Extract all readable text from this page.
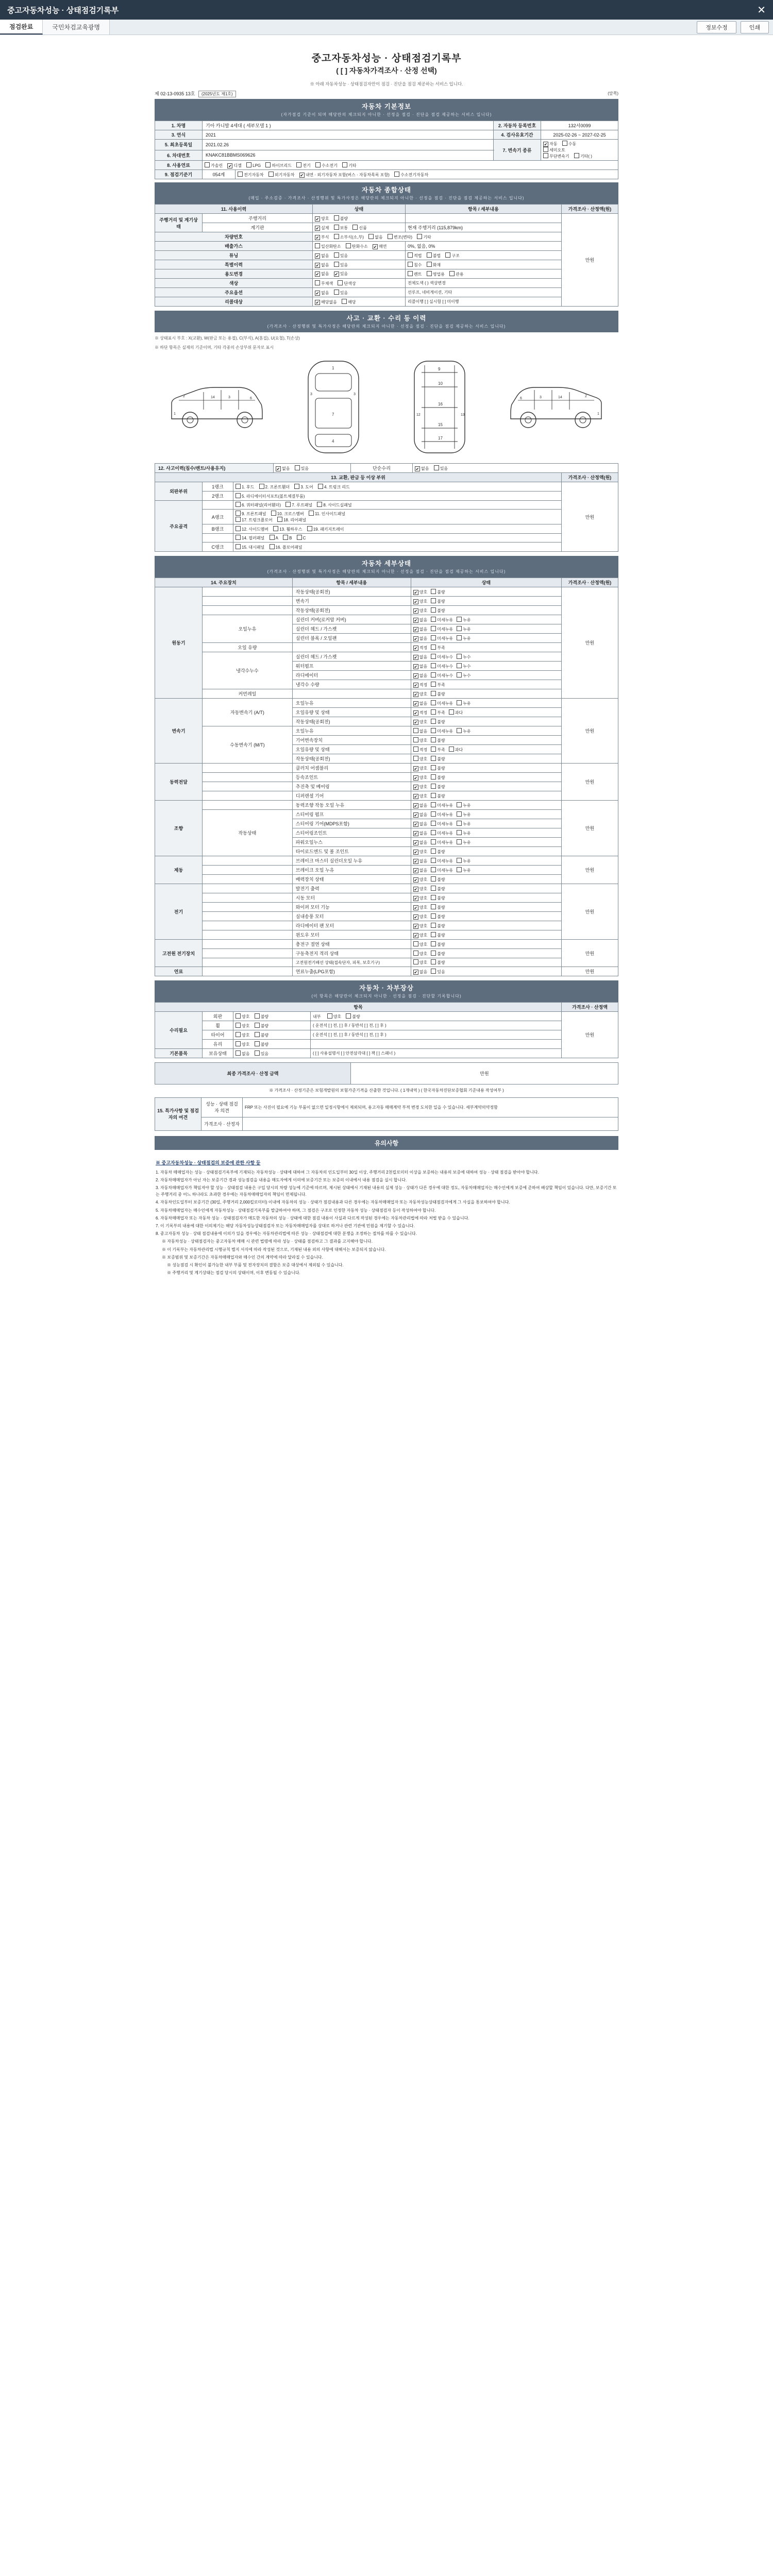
중고자동차성능 · 상태점검기록부	✕
점검완료	국민차검교육광명	정보수정	인쇄
중고자동차성능 · 상태점검기록부
( [ ] 자동차가격조사 · 산정 선택)
※ 아래 자동차성능 · 상태점검자만이 점검 · 진단을 점검 제공하는 서비스 입니다.
제 02-13-0935 13호 (2025년도 제1호)	(앞쪽)
자동차 기본정보
(자가점검 기준이 되며 해당란의 체크되지 아니한 · 선정을 점검 · 진단을 점검 제공하는 서비스 입니다)
1. 차명	기아 카니발 4세대 ( 세부모델 1 )		2. 자동차 등록번호	132서0099
3. 연식	2021		4. 검사유효기간	2025-02-26 ~ 2027-02-25
5. 최초등록일	2021.02.26		7. 변속기 종류	✔자동 수동
세미오토
무단변속기 기타( )
6. 차대번호	KNAKC81BBMS069626			
8. 사용연료	가솔린 ✔ 디젤 LPG 하이브리드 전기 수소전기 기타
9. 점검기준기	054계	전기자동차 외기자동차 ✔ 내연 · 외기자동차 포함(버스 · 자동차목록 포함) 수소전기자동차
자동차 종합상태
(매입 · 주소검증 · 가격조사 · 산정행위 및 특가사정은 해당란의 체크되지 아니한 · 선정을 점검 · 진단을 점검 제공하는 서비스 입니다)
11. 사용이력		상태	항목 / 세부내용	가격조사 · 산정액(원)
주행거리 및 계기상태	주행거리	✔양호 불량		만원
	계기판	✔실제 보통 신품	현재 주행거리 (115,879km)	
차량번호	✔부식 소부식(소,부) 없음 변조(변타) 기타
배출가스		일산화탄소 탄화수소 ✔ 매연	0%, 없음, 0%	
튜닝	✔없음 있음	적법 불법 구조	
특별이력	✔없음 있음	침수 화재	
용도변경	✔없음 ✔ 있음	렌트 영업용 관용	
색상		무채색 단색상	전체도색 ( ) 색상변경	
주요옵션	✔없음 있음	선루프, 네비게이션, 기타	
리콜대상	✔해당없음 해당	리콜이행 [ ] 실시함 [ ] 미이행	
사고 · 교환 · 수리 등 이력
(가격조사 · 산정행위 및 특가사정은 해당란의 체크되지 아니한 · 선정을 점검 · 진단을 점검 제공하는 서비스 입니다)
※ 상태표시 부호 : X(교환), W(판금 또는 용접), C(부식), A(흠집), U(요철), T(손상)
※ 하단 항목은 실제의 기준이며, 기타 각종의 손상부위 문자로 표시
2	14	3	6
1
1
7
4
3	3
9
10
16
15
17
12	13
2
14
3
6
1
12. 사고이력(침수/렌트/사용유지)	✔없음	있음	단순수리	✔없음	있음
13. 교환, 판금 등 이상 부위			가격조사 · 산정액(원)
외판부위	1랭크	1. 후드 2. 프론트휀더 3. 도어 4. 트렁크 리드	만원
	2랭크	5. 라디에이터서포트(볼트체결부품)	
주요골격		6. 쿼터패널(리어휀더) 7. 루프패널 8. 사이드실패널	
	A랭크	9. 프론트패널 10. 크로스멤버 11. 인사이드패널
17. 트렁크플로어 18. 리어패널	
	B랭크	12. 사이드멤버 13. 휠하우스 19. 패키지트레이	
		14. 필러패널 A B C	
	C랭크	15. 대시패널 16. 플로어패널	
자동차 세부상태
(가격조사 · 산정행위 및 특가사정은 해당란의 체크되지 아니한 · 선정을 점검 · 진단을 점검 제공하는 서비스 입니다)
14. 주요장치		항목 / 세부내용	상태	가격조사 · 산정액(원)
원동기		작동상태(공회전)	✔양호 불량	만원
		변속기	✔양호 불량
		작동상태(공회전)	✔양호 불량
	오일누유	실린더 커버(로커암 커버)	✔없음 미세누유 누유
		실린더 헤드 / 가스켓	✔없음 미세누유 누유
		실린더 블록 / 오일팬	✔없음 미세누유 누유
	오일 유량		✔적정 부족
	냉각수누수	실린더 헤드 / 가스켓	✔없음 미세누수 누수
		워터펌프	✔없음 미세누수 누수
		라디에이터	✔없음 미세누수 누수
		냉각수 수량	✔적정 부족
	커먼레일		✔양호 불량
변속기	자동변속기 (A/T)	오일누유	✔없음 미세누유 누유	만원
		오일유량 및 상태	✔적정 부족 과다
		작동상태(공회전)	✔양호 불량
	수동변속기 (M/T)	오일누유	없음 미세누유 누유	
		기어변속장치	양호 불량	
		오일유량 및 상태	적정 부족 과다	
		작동상태(공회전)	양호 불량	
동력전달		클러치 어셈블리	✔양호 불량	만원
		등속조인트	✔양호 불량
		추진축 및 베어링	✔양호 불량
		디퍼렌셜 기어	✔양호 불량
조향		동력조향 작동 오일 누유	✔없음 미세누유 누유	만원
	작동상태	스티어링 펌프	✔없음 미세누유 누유
		스티어링 기어(MDPS포함)	✔없음 미세누유 누유
		스티어링조인트	✔없음 미세누유 누유
		파워오일누스	✔없음 미세누유 누유
		타이로드엔드 및 볼 조인트	✔양호 불량
제동		브레이크 마스터 실린더오일 누유	✔없음 미세누유 누유	만원
		브레이크 오일 누유	✔없음 미세누유 누유
		배력장치 상태	✔양호 불량
전기		발전기 출력	✔양호 불량	만원
		시동 모터	✔양호 불량
		와이퍼 모터 기능	✔양호 불량
		실내송풍 모터	✔양호 불량
		라디에이터 팬 모터	✔양호 불량
		윈도우 모터	✔양호 불량
고전원 전기장치		충전구 절연 상태	양호 불량	만원
		구동축전지 격리 상태	양호 불량	
		고전원전기배선 상태(접속단자, 피복, 보호기구)	양호 불량	
연료		연료누출(LPG포함)	✔없음 있음	만원
자동차 · 차부장상
(이 항목은 해당란이 체크되지 아니한 · 선정을 점검 · 진단할 기록합니다)
항목				가격조사 · 산정액
수리필요	외판	양호 불량	내부 양호 불량	만원
	휠	양호 불량	( 운전석 [ ] 전, [ ] 후 / 동반석 [ ] 전, [ ] 후 )	
	타이어	양호 불량	( 운전석 [ ] 전, [ ] 후 / 동반석 [ ] 전, [ ] 후 )	
	유리	양호 불량		
기본품목	보유상태	없음 있음	( [ ] 사용설명서 [ ] 안전삼각대 [ ] 잭 [ ] 스패너 )	
최종 가격조사 · 산정 금액	만원
※ 가격조사 · 산정기준은 보험개발원의 보험가준기격을 산출한 것입니다. ( 1개내역 ) ( 한국자동차진단보증협회 기준내용 작성여부 )
15. 특가사항 및 점검자의 여견	성능 · 상태 점검자 의견	FRP 또는 사진이 필요에 기능 부품이 없으면 일정시항에서 제외되며, 용고자동 매매계약 부적 변경 도치한 일을 수 있습니다. 세부계약의약정함
	가격조사 · 산정자	
유의사항
※ 중고자동차성능 · 상태점검의 보증에 관한 사항 등

1. 자동차 매매업자는 성능 · 상태점검기록부에 기재되는 자동차성능 · 상태에 대하여 그 자동차의 인도일부터 30일 이상, 주행거리 2천킬로미터 이상을 보증하는 내용의 보증에 대하여 성능 · 상태 점검을 받아야 합니다.

2. 자동차매매업자가 아닌 자는 보증기간 경과 성능점검을 내용을 매도자에게 이의에 보증기간 또는 보증의 이내에서 내용 점검을 실시 합니다.

3. 자동차매매업자가 책임져야 할 성능 · 상태점검 내용은 구입 당시의 차량 성능에 기준에 따르며, 제시된 상태에서 기재된 내용의 실제 성능 · 상태가 다른 경우에 대한 정도, 자동차매매업자는 매수인에게 보증에 준하여 배상할 책임이 있습니다. 다만, 보증기간 또는 주행거리 중 어느 하나라도 초과한 경우에는 자동차매매업자의 책임이 면제됩니다.

4. 자동차인도일부터 보증기간 (30일, 주행거리 2,000킬로미터) 이내에 자동차의 성능 · 상태가 점검내용과 다른 경우에는 자동차매매업자 또는 자동차성능상태점검자에게 그 사실을 통보하여야 합니다.

5. 자동차매매업자는 매수인에게 자동차성능 · 상태점검기록부를 발급하여야 하며, 그 점검은 구조로 인정한 자동차 성능 · 상태점검자 등이 작성하여야 합니다.

6. 자동차매매업자 또는 자동차 성능 · 상태점검자가 매도한 자동차의 성능 · 상태에 대한 점검 내용이 사실과 다르게 작성된 경우에는 자동차관리법에 따라 처벌 받을 수 있습니다.

7. 이 기록부의 내용에 대한 이의제기는 해당 자동차성능상태점검자 또는 자동차매매업자를 상대로 하거나 관련 기관에 민원을 제기할 수 있습니다.

8. 중고자동차 성능 · 상태 점검내용에 이의가 있을 경우에는 자동차관리법에 따른 성능 · 상태점검에 대한 분쟁을 조정하는 절차를 따를 수 있습니다.

※ 자동차성능 · 상태점검자는 중고자동차 매매 시 관련 법령에 따라 성능 · 상태를 점검하고 그 결과를 고지해야 합니다.

※ 이 기록부는 자동차관리법 시행규칙 별지 서식에 따라 작성된 것으로, 기재된 내용 외의 사항에 대해서는 보증되지 않습니다.

※ 보증범위 및 보증기간은 자동차매매업자와 매수인 간의 계약에 따라 달라질 수 있습니다.

※ 성능점검 시 확인이 불가능한 내부 부품 및 전자장치의 결함은 보증 대상에서 제외될 수 있습니다.

※ 주행거리 및 계기상태는 점검 당시의 상태이며, 이후 변동될 수 있습니다.
